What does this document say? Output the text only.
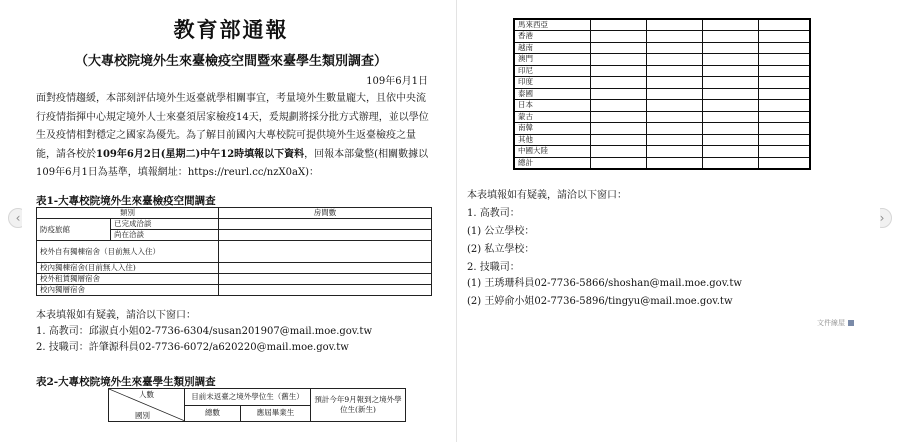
‹	›
教育部通報
（大專校院境外生來臺檢疫空間暨來臺學生類別調查）
109年6月1日
面對疫情趨緩，本部刻評估境外生返臺就學相關事宜，考量境外生數量龐大，且依中央流行疫情指揮中心規定境外人士來臺須居家檢疫14天，爰規劃將採分批方式辦理，並以學位生及疫情相對穩定之國家為優先。為了解目前國內大專校院可提供境外生返臺檢疫之量能，請各校於109年6月2日(星期二)中午12時填報以下資料，回報本部彙整(相關數據以109年6月1日為基準，填報網址：https://reurl.cc/nzX0aX)：
表1-大專校院境外生來臺檢疫空間調查
類別		房間數
防疫旅館	已完成洽談	
	尚在洽談	
校外自有獨棟宿舍（目前無人入住）		
校內獨棟宿舍(目前無人入住)		
校外租賃獨層宿舍		
校內獨層宿舍		
本表填報如有疑義，請洽以下窗口：
1. 高教司：邱淑貞小姐02-7736-6304/susan201907@mail.moe.gov.tw
2. 技職司：許肇源科員02-7736-6072/a620220@mail.moe.gov.tw
表2-大專校院境外生來臺學生類別調查
人數
國別	目前未返臺之境外學位生（舊生）		預計今年9月報到之境外學位生(新生)
	總數	應屆畢業生	
馬來西亞				
香港				
越南				
澳門				
印尼				
印度				
泰國				
日本				
蒙古				
南韓				
其他				
中國大陸				
總計				
本表填報如有疑義，請洽以下窗口：
1. 高教司：
(1) 公立學校：
(2) 私立學校：
2. 技職司：
(1) 王琇珊科員02-7736-5866/shoshan@mail.moe.gov.tw
(2) 王婷俞小姐02-7736-5896/tingyu@mail.moe.gov.tw
文件線屋
